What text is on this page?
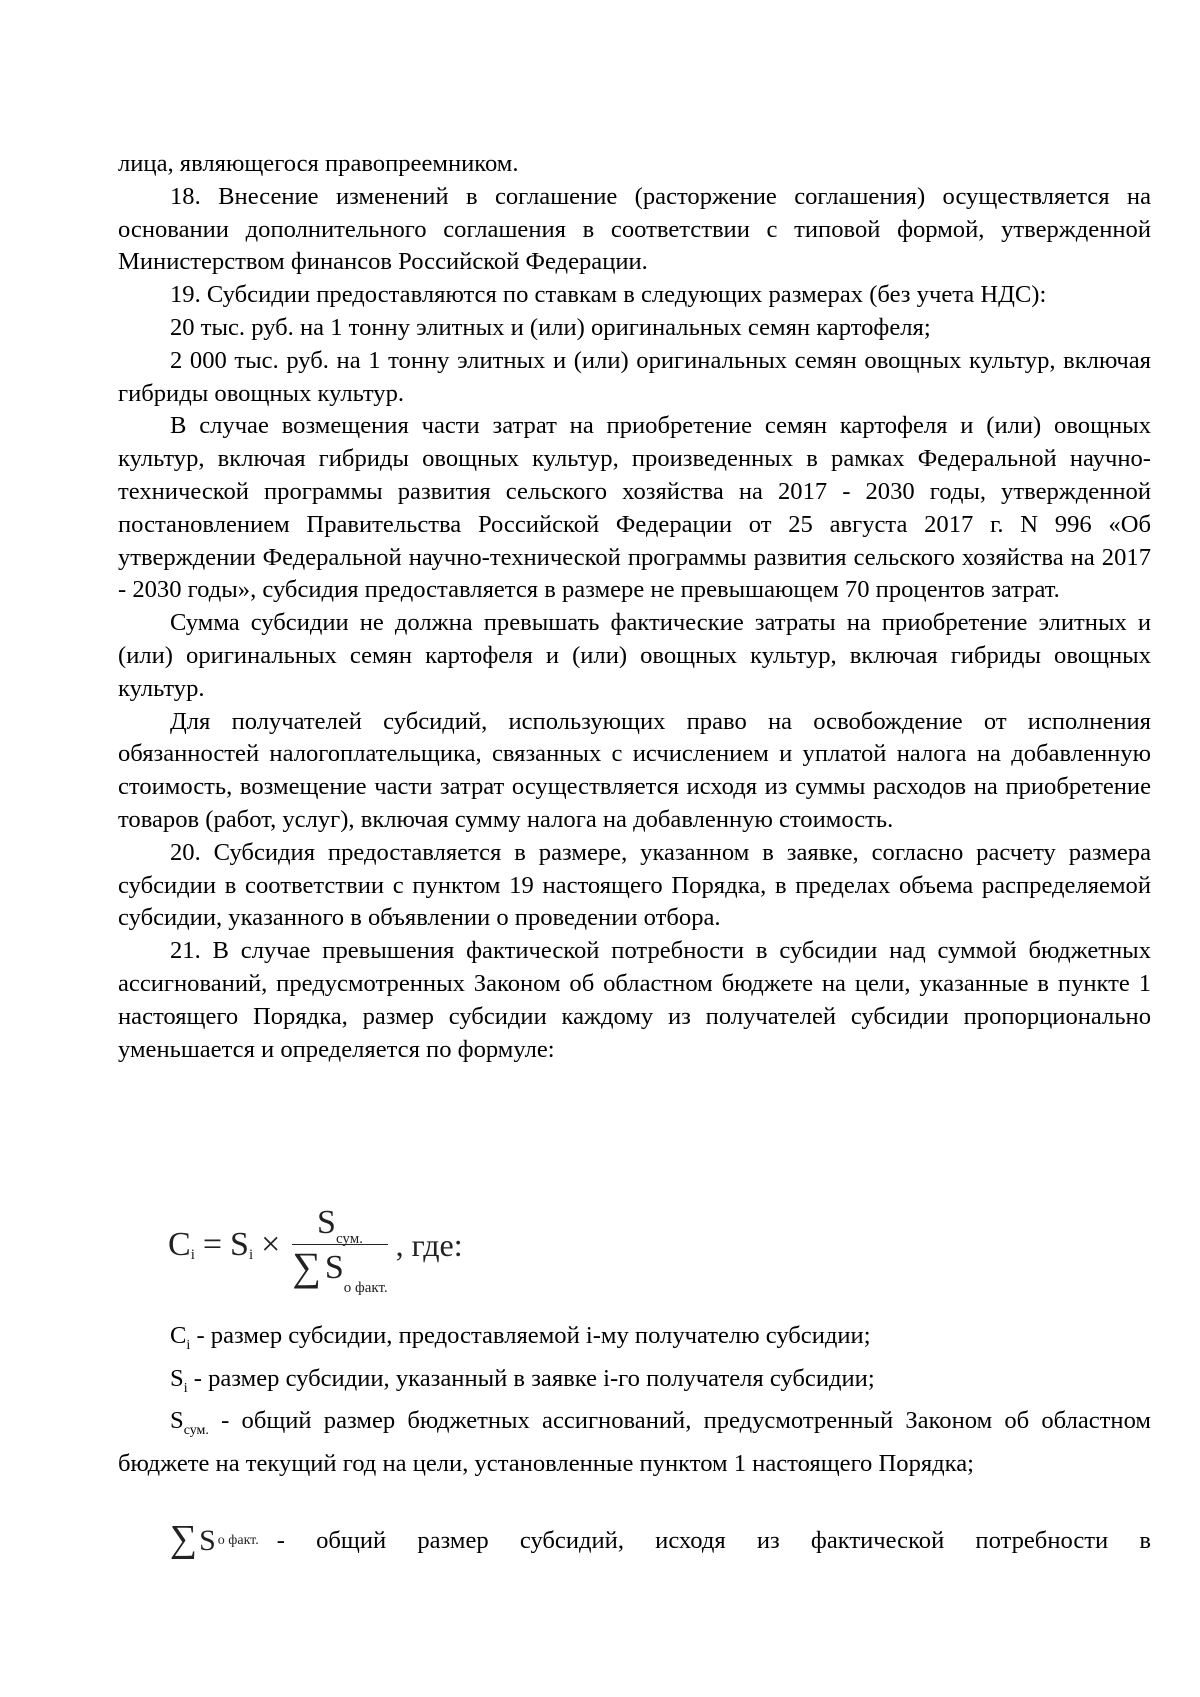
лица, являющегося правопреемником.

18. Внесение изменений в соглашение (расторжение соглашения) осуществляется на основании дополнительного соглашения в соответствии с типовой формой, утвержденной Министерством финансов Российской Федерации.

19. Субсидии предоставляются по ставкам в следующих размерах (без учета НДС):

20 тыс. руб. на 1 тонну элитных и (или) оригинальных семян картофеля;

2 000 тыс. руб. на 1 тонну элитных и (или) оригинальных семян овощных культур, включая гибриды овощных культур.

В случае возмещения части затрат на приобретение семян картофеля и (или) овощных культур, включая гибриды овощных культур, произведенных в рамках Федеральной научно-технической программы развития сельского хозяйства на 2017 - 2030 годы, утвержденной постановлением Правительства Российской Федерации от 25 августа 2017 г. N 996 «Об утверждении Федеральной научно-технической программы развития сельского хозяйства на 2017 - 2030 годы», субсидия предоставляется в размере не превышающем 70 процентов затрат.

Сумма субсидии не должна превышать фактические затраты на приобретение элитных и (или) оригинальных семян картофеля и (или) овощных культур, включая гибриды овощных культур.

Для получателей субсидий, использующих право на освобождение от исполнения обязанностей налогоплательщика, связанных с исчислением и уплатой налога на добавленную стоимость, возмещение части затрат осуществляется исходя из суммы расходов на приобретение товаров (работ, услуг), включая сумму налога на добавленную стоимость.

20. Субсидия предоставляется в размере, указанном в заявке, согласно расчету размера субсидии в соответствии с пунктом 19 настоящего Порядка, в пределах объема распределяемой субсидии, указанного в объявлении о проведении отбора.

21. В случае превышения фактической потребности в субсидии над суммой бюджетных ассигнований, предусмотренных Законом об областном бюджете на цели, указанные в пункте 1 настоящего Порядка, размер субсидии каждому из получателей субсидии пропорционально уменьшается и определяется по формуле:

C i = S $i \times S_{сум.}$
∑ S
о факт. , где:

$C_i$ - размер субсидии, предоставляемой i-му получателю субсидии;

$S_i$ - размер субсидии, указанный в заявке i-го получателя субсидии;

$S_{сум.}$ - общий размер бюджетных ассигнований, предусмотренный Законом об областном бюджете на текущий год на цели, установленные пунктом 1 настоящего Порядка;

∑ S о факт. - общий размер субсидий, исходя из фактической потребности в
